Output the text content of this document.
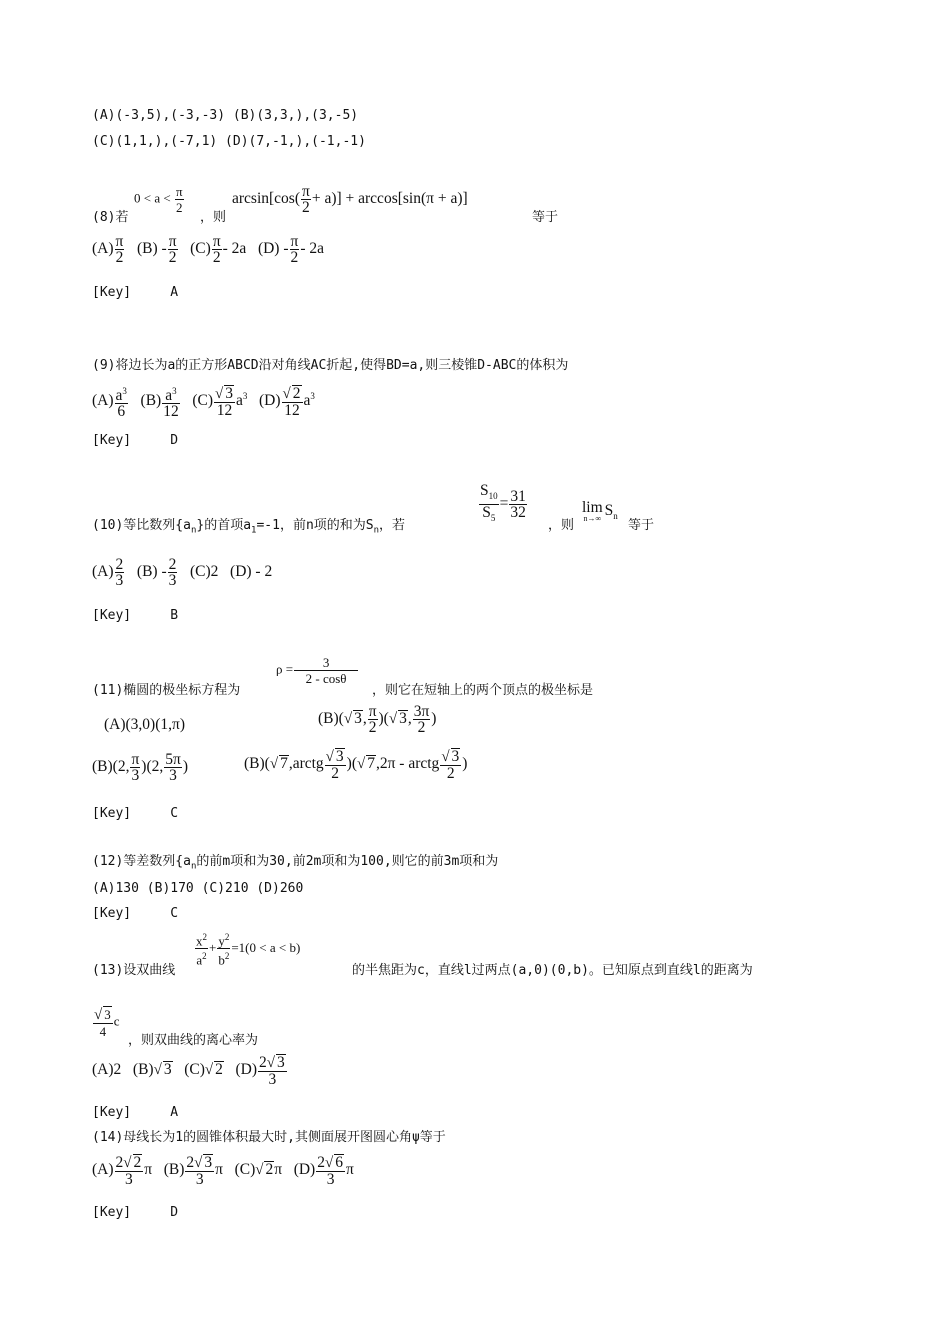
(A)(-3,5),(-3,-3) (B)(3,3,),(3,-5)
(C)(1,1,),(-7,1) (D)(7,-1,),(-1,-1)
$0 < a < \frac{\pi}{2}$	$\arcsin[\cos( \frac{\pi}{2} + a)] + \arccos[\sin(\pi + a)]$
(8)若	，则	等于
$(A) \frac{\pi}{2} (B) - \frac{\pi}{2} (C) \frac{\pi}{2} - 2a$ $(D) - \frac{\pi}{2} - 2a$
[Key]	A
(9)将边长为a的正方形ABCD沿对角线AC折起,使得BD=a,则三棱锥D-ABC的体积为
$(A) \frac{a^3}{6} (B) \frac{a^3}{12} (C) \frac{√ 3}{12} a^3$ $(D) \frac{√ 2}{12} a^3$
[Key]	D
$\frac{S_{10}}{S_5} = \frac{31}{32}$	lim
n→∞ $S_n$
(10)等比数列$\{a_n\}$的首项$a_1=-1$，前n项的和为$S_n$，若	，则	等于
$(A) \frac{2}{3} (B) - \frac{2}{3} (C)2$ (D) - 2
[Key]	B
$\rho = \frac{3}{2 - \cos\theta}$
(11)椭圆的极坐标方程为	，则它在短轴上的两个顶点的极坐标是
(A)(3,0)(1,π)	(B)(√ 3, $\frac{\pi}{2}$ )(√ 3, $\frac{3\pi}{2}$ )
(B)(2, $\frac{\pi}{3} )(2$, $\frac{5\pi}{3}$ )	(B)(√ 7,arctg $\frac{√ 3}{2}$ )(√ 7,2π - arctg $\frac{√ 3}{2}$ )
[Key]	C
(12)等差数列{$a_n$的前m项和为30,前2m项和为100,则它的前3m项和为
(A)130 (B)170 (C)210 (D)260
[Key]	C
$\frac{x^2}{a^2} + \frac{y^2}{b^2} =1(0 < a < b)$
(13)设双曲线	的半焦距为c，直线l过两点(a,0)(0,b)。已知原点到直线l的距离为
$\frac{√ 3}{4}$ c
，则双曲线的离心率为
(A)2 (B)√ 3 (C)√ 2 $(D) \frac{2√ 3}{3}$
[Key]	A
(14)母线长为1的圆锥体积最大时,其侧面展开图圆心角ψ等于
$(A) \frac{2√ 2}{3}$ π $(B) \frac{2√ 3}{3}$ π (C)√ 2π $(D) \frac{2√ 6}{3}$ π
[Key]	D
